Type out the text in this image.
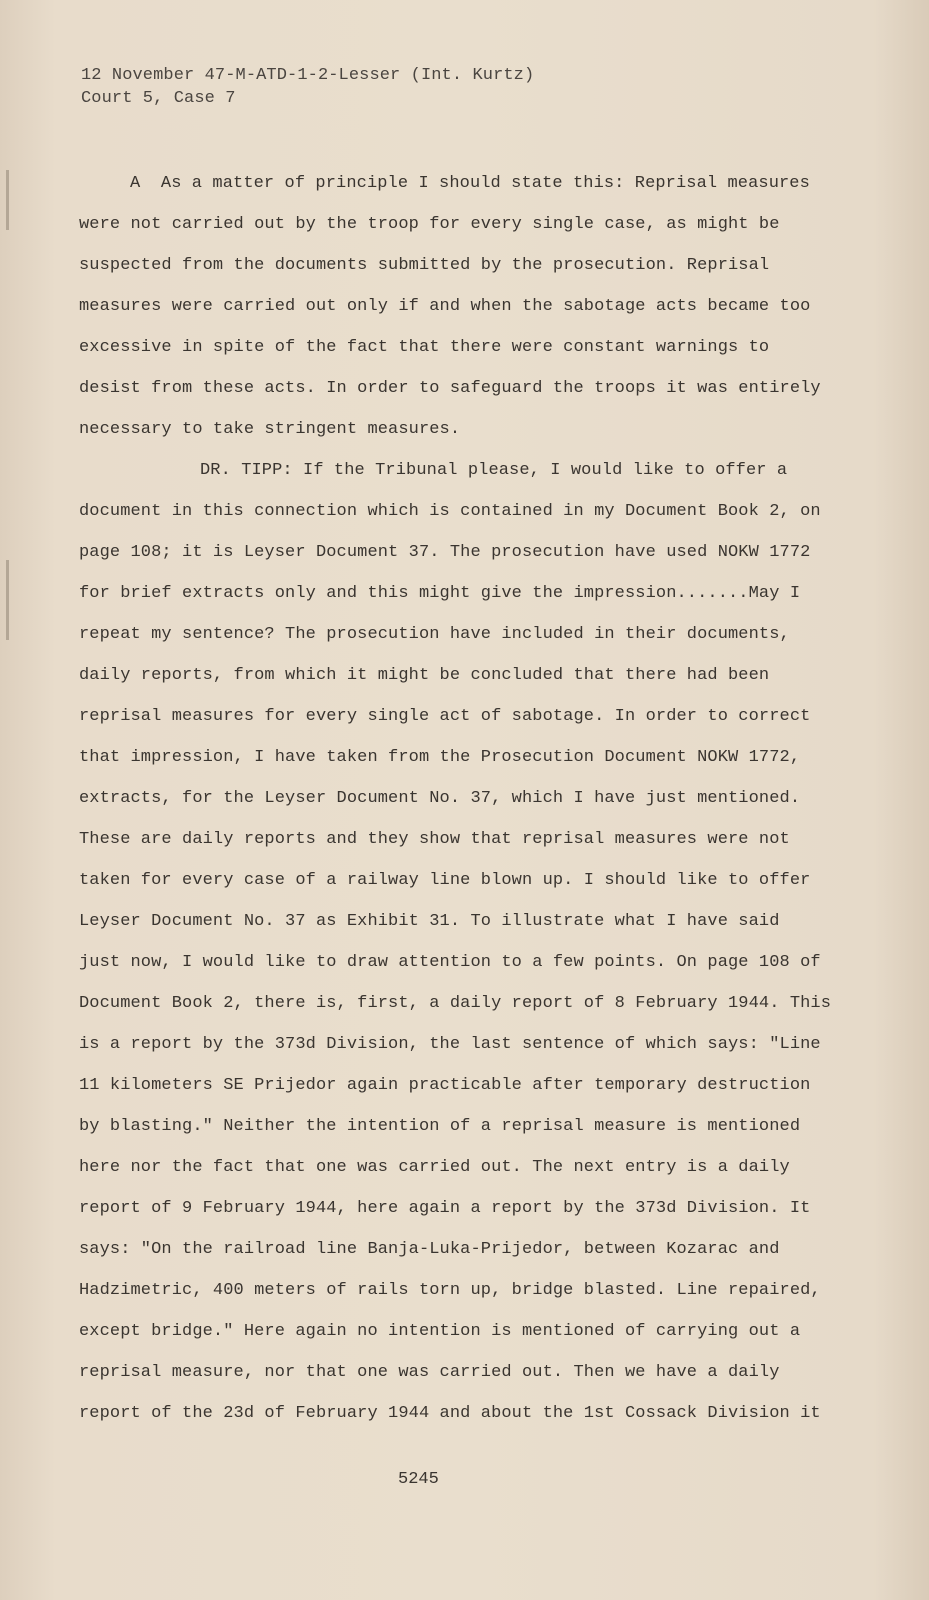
12 November 47-M-ATD-1-2-Lesser (Int. Kurtz)
Court 5, Case 7
A  As a matter of principle I should state this: Reprisal measures
were not carried out by the troop for every single case, as might be
suspected from the documents submitted by the prosecution. Reprisal
measures were carried out only if and when the sabotage acts became too
excessive in spite of the fact that there were constant warnings to
desist from these acts. In order to safeguard the troops it was entirely
necessary to take stringent measures.
DR. TIPP: If the Tribunal please, I would like to offer a
document in this connection which is contained in my Document Book 2, on
page 108; it is Leyser Document 37. The prosecution have used NOKW 1772
for brief extracts only and this might give the impression.......May I
repeat my sentence? The prosecution have included in their documents,
daily reports, from which it might be concluded that there had been
reprisal measures for every single act of sabotage. In order to correct
that impression, I have taken from the Prosecution Document NOKW 1772,
extracts, for the Leyser Document No. 37, which I have just mentioned.
These are daily reports and they show that reprisal measures were not
taken for every case of a railway line blown up. I should like to offer
Leyser Document No. 37 as Exhibit 31. To illustrate what I have said
just now, I would like to draw attention to a few points. On page 108 of
Document Book 2, there is, first, a daily report of 8 February 1944. This
is a report by the 373d Division, the last sentence of which says: "Line
11 kilometers SE Prijedor again practicable after temporary destruction
by blasting." Neither the intention of a reprisal measure is mentioned
here nor the fact that one was carried out. The next entry is a daily
report of 9 February 1944, here again a report by the 373d Division. It
says: "On the railroad line Banja-Luka-Prijedor, between Kozarac and
Hadzimetric, 400 meters of rails torn up, bridge blasted. Line repaired,
except bridge." Here again no intention is mentioned of carrying out a
reprisal measure, nor that one was carried out. Then we have a daily
report of the 23d of February 1944 and about the 1st Cossack Division it
5245
